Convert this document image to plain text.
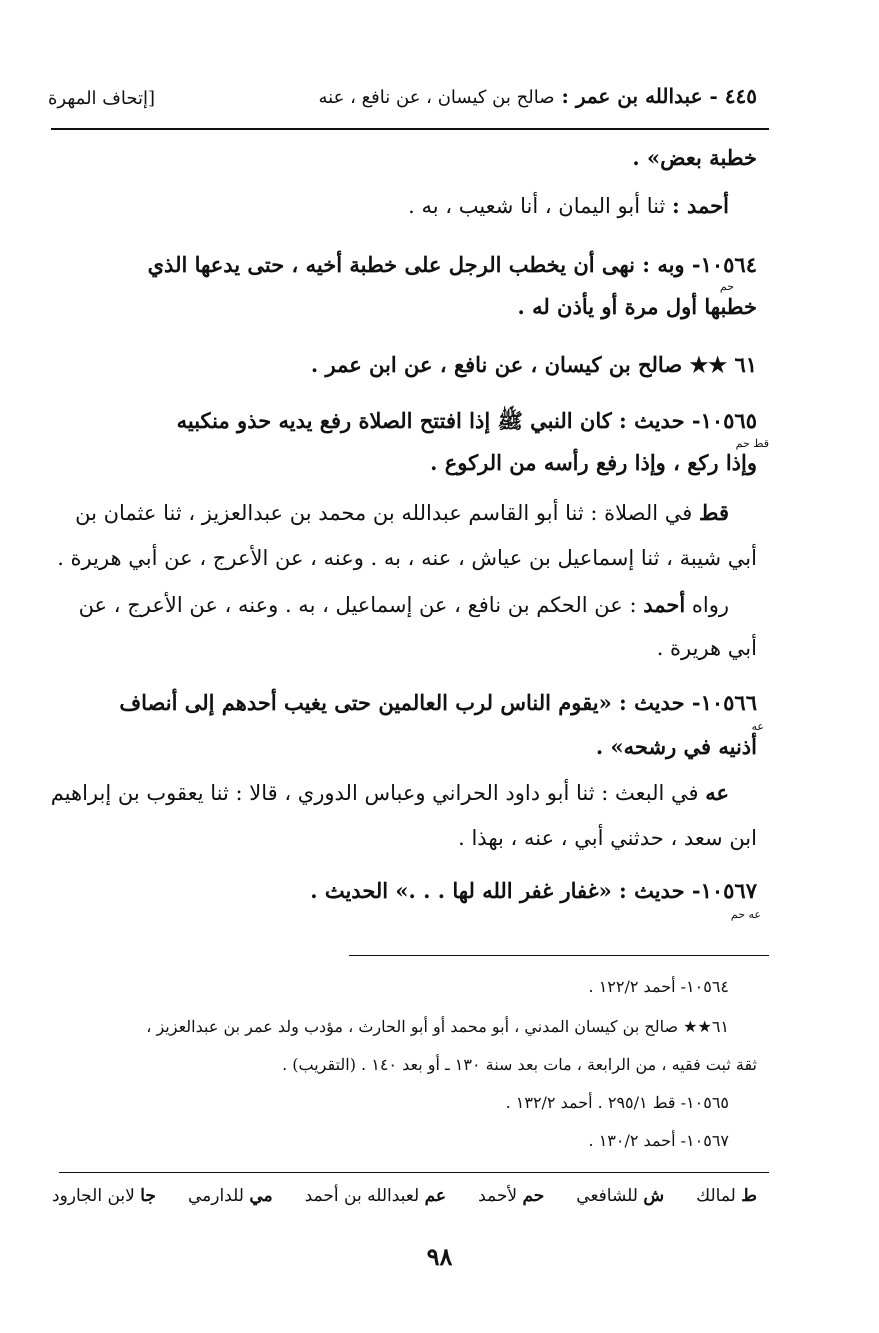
٤٤٥ - عبدالله بن عمر : صالح بن كيسان ، عن نافع ، عنه
[إتحاف المهرة
خطبة بعض» .
أحمد : ثنا أبو اليمان ، أنا شعيب ، به .
١٠٥٦٤- وبه : نهى أن يخطب الرجل على خطبة أخيه ، حتى يدعها الذي
حم
خطبها أول مرة أو يأذن له .
٦١ ★★ صالح بن كيسان ، عن نافع ، عن ابن عمر .
١٠٥٦٥- حديث : كان النبي ﷺ إذا افتتح الصلاة رفع يديه حذو منكبيه
قط حم
وإذا ركع ، وإذا رفع رأسه من الركوع .
قط في الصلاة : ثنا أبو القاسم عبدالله بن محمد بن عبدالعزيز ، ثنا عثمان بن
أبي شيبة ، ثنا إسماعيل بن عياش ، عنه ، به . وعنه ، عن الأعرج ، عن أبي هريرة .
رواه أحمد : عن الحكم بن نافع ، عن إسماعيل ، به . وعنه ، عن الأعرج ، عن
أبي هريرة .
١٠٥٦٦- حديث : «يقوم الناس لرب العالمين حتى يغيب أحدهم إلى أنصاف
عه
أذنيه في رشحه» .
عه في البعث : ثنا أبو داود الحراني وعباس الدوري ، قالا : ثنا يعقوب بن إبراهيم
ابن سعد ، حدثني أبي ، عنه ، بهذا .
١٠٥٦٧- حديث : «غفار غفر الله لها . . .» الحديث .
عه حم
١٠٥٦٤- أحمد ١٢٢/٢ .
٦١★★ صالح بن كيسان المدني ، أبو محمد أو أبو الحارث ، مؤدب ولد عمر بن عبدالعزيز ،
ثقة ثبت فقيه ، من الرابعة ، مات بعد سنة ١٣٠ ـ أو بعد ١٤٠ . (التقريب) .
١٠٥٦٥- قط ٢٩٥/١ . أحمد ١٣٢/٢ .
١٠٥٦٧- أحمد ١٣٠/٢ .
ط لمالك
ش للشافعي
حم لأحمد
عم لعبدالله بن أحمد
مي للدارمي
جا لابن الجارود
٩٨
